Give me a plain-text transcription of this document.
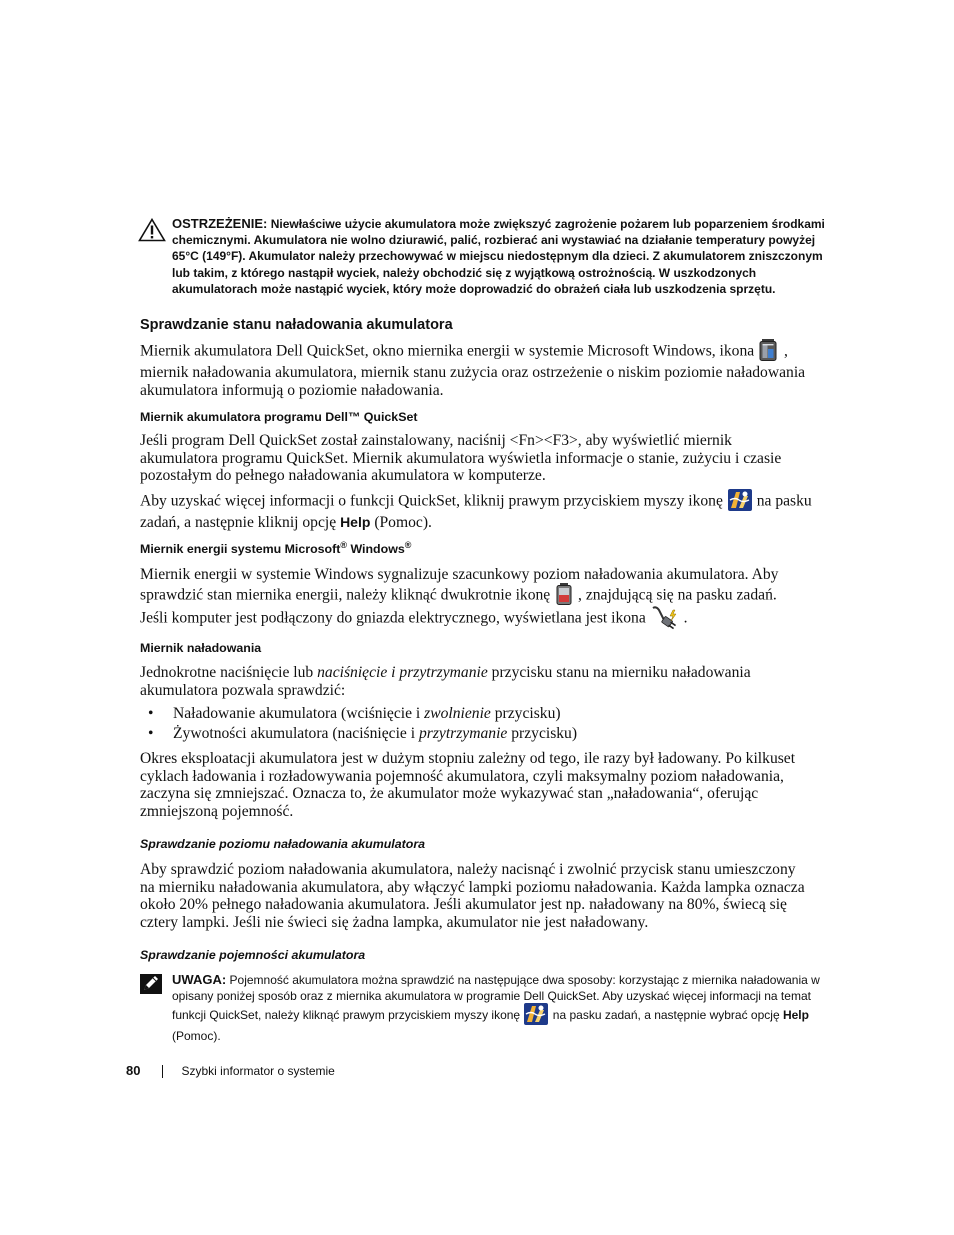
OSTRZEŻENIE: Niewłaściwe użycie akumulatora może zwiększyć zagrożenie pożarem lub poparzeniem środkami chemicznymi. Akumulatora nie wolno dziurawić, palić, rozbierać ani wystawiać na działanie temperatury powyżej 65°C (149°F). Akumulator należy przechowywać w miejscu niedostępnym dla dzieci. Z akumulatorem zniszczonym lub takim, z którego nastąpił wyciek, należy obchodzić się z wyjątkową ostrożnością. W uszkodzonych akumulatorach może nastąpić wyciek, który może doprowadzić do obrażeń ciała lub uszkodzenia sprzętu.
Sprawdzanie stanu naładowania akumulatora
Miernik akumulatora Dell QuickSet, okno miernika energii w systemie Microsoft Windows, ikona , miernik naładowania akumulatora, miernik stanu zużycia oraz ostrzeżenie o niskim poziomie naładowania akumulatora informują o poziomie naładowania.
Miernik akumulatora programu Dell™ QuickSet
Jeśli program Dell QuickSet został zainstalowany, naciśnij <Fn><F3>, aby wyświetlić miernik akumulatora programu QuickSet. Miernik akumulatora wyświetla informacje o stanie, zużyciu i czasie pozostałym do pełnego naładowania akumulatora w komputerze.
Aby uzyskać więcej informacji o funkcji QuickSet, kliknij prawym przyciskiem myszy ikonę na pasku zadań, a następnie kliknij opcję Help (Pomoc).
Miernik energii systemu Microsoft® Windows®
Miernik energii w systemie Windows sygnalizuje szacunkowy poziom naładowania akumulatora. Aby sprawdzić stan miernika energii, należy kliknąć dwukrotnie ikonę , znajdującą się na pasku zadań.
Jeśli komputer jest podłączony do gniazda elektrycznego, wyświetlana jest ikona .
Miernik naładowania
Jednokrotne naciśnięcie lub naciśnięcie i przytrzymanie przycisku stanu na mierniku naładowania akumulatora pozwala sprawdzić:
• Naładowanie akumulatora (wciśnięcie i zwolnienie przycisku)
• Żywotności akumulatora (naciśnięcie i przytrzymanie przycisku)
Okres eksploatacji akumulatora jest w dużym stopniu zależny od tego, ile razy był ładowany. Po kilkuset cyklach ładowania i rozładowywania pojemność akumulatora, czyli maksymalny poziom naładowania, zaczyna się zmniejszać. Oznacza to, że akumulator może wykazywać stan „naładowania“, oferując zmniejszoną pojemność.
Sprawdzanie poziomu naładowania akumulatora
Aby sprawdzić poziom naładowania akumulatora, należy nacisnąć i zwolnić przycisk stanu umieszczony na mierniku naładowania akumulatora, aby włączyć lampki poziomu naładowania. Każda lampka oznacza około 20% pełnego naładowania akumulatora. Jeśli akumulator jest np. naładowany na 80%, świecą się cztery lampki. Jeśli nie świeci się żadna lampka, akumulator nie jest naładowany.
Sprawdzanie pojemności akumulatora
UWAGA: Pojemność akumulatora można sprawdzić na następujące dwa sposoby: korzystając z miernika naładowania w opisany poniżej sposób oraz z miernika akumulatora w programie Dell QuickSet. Aby uzyskać więcej informacji na temat funkcji QuickSet, należy kliknąć prawym przyciskiem myszy ikonę	na pasku zadań, a następnie wybrać opcję Help (Pomoc).
80	Szybki informator o systemie
